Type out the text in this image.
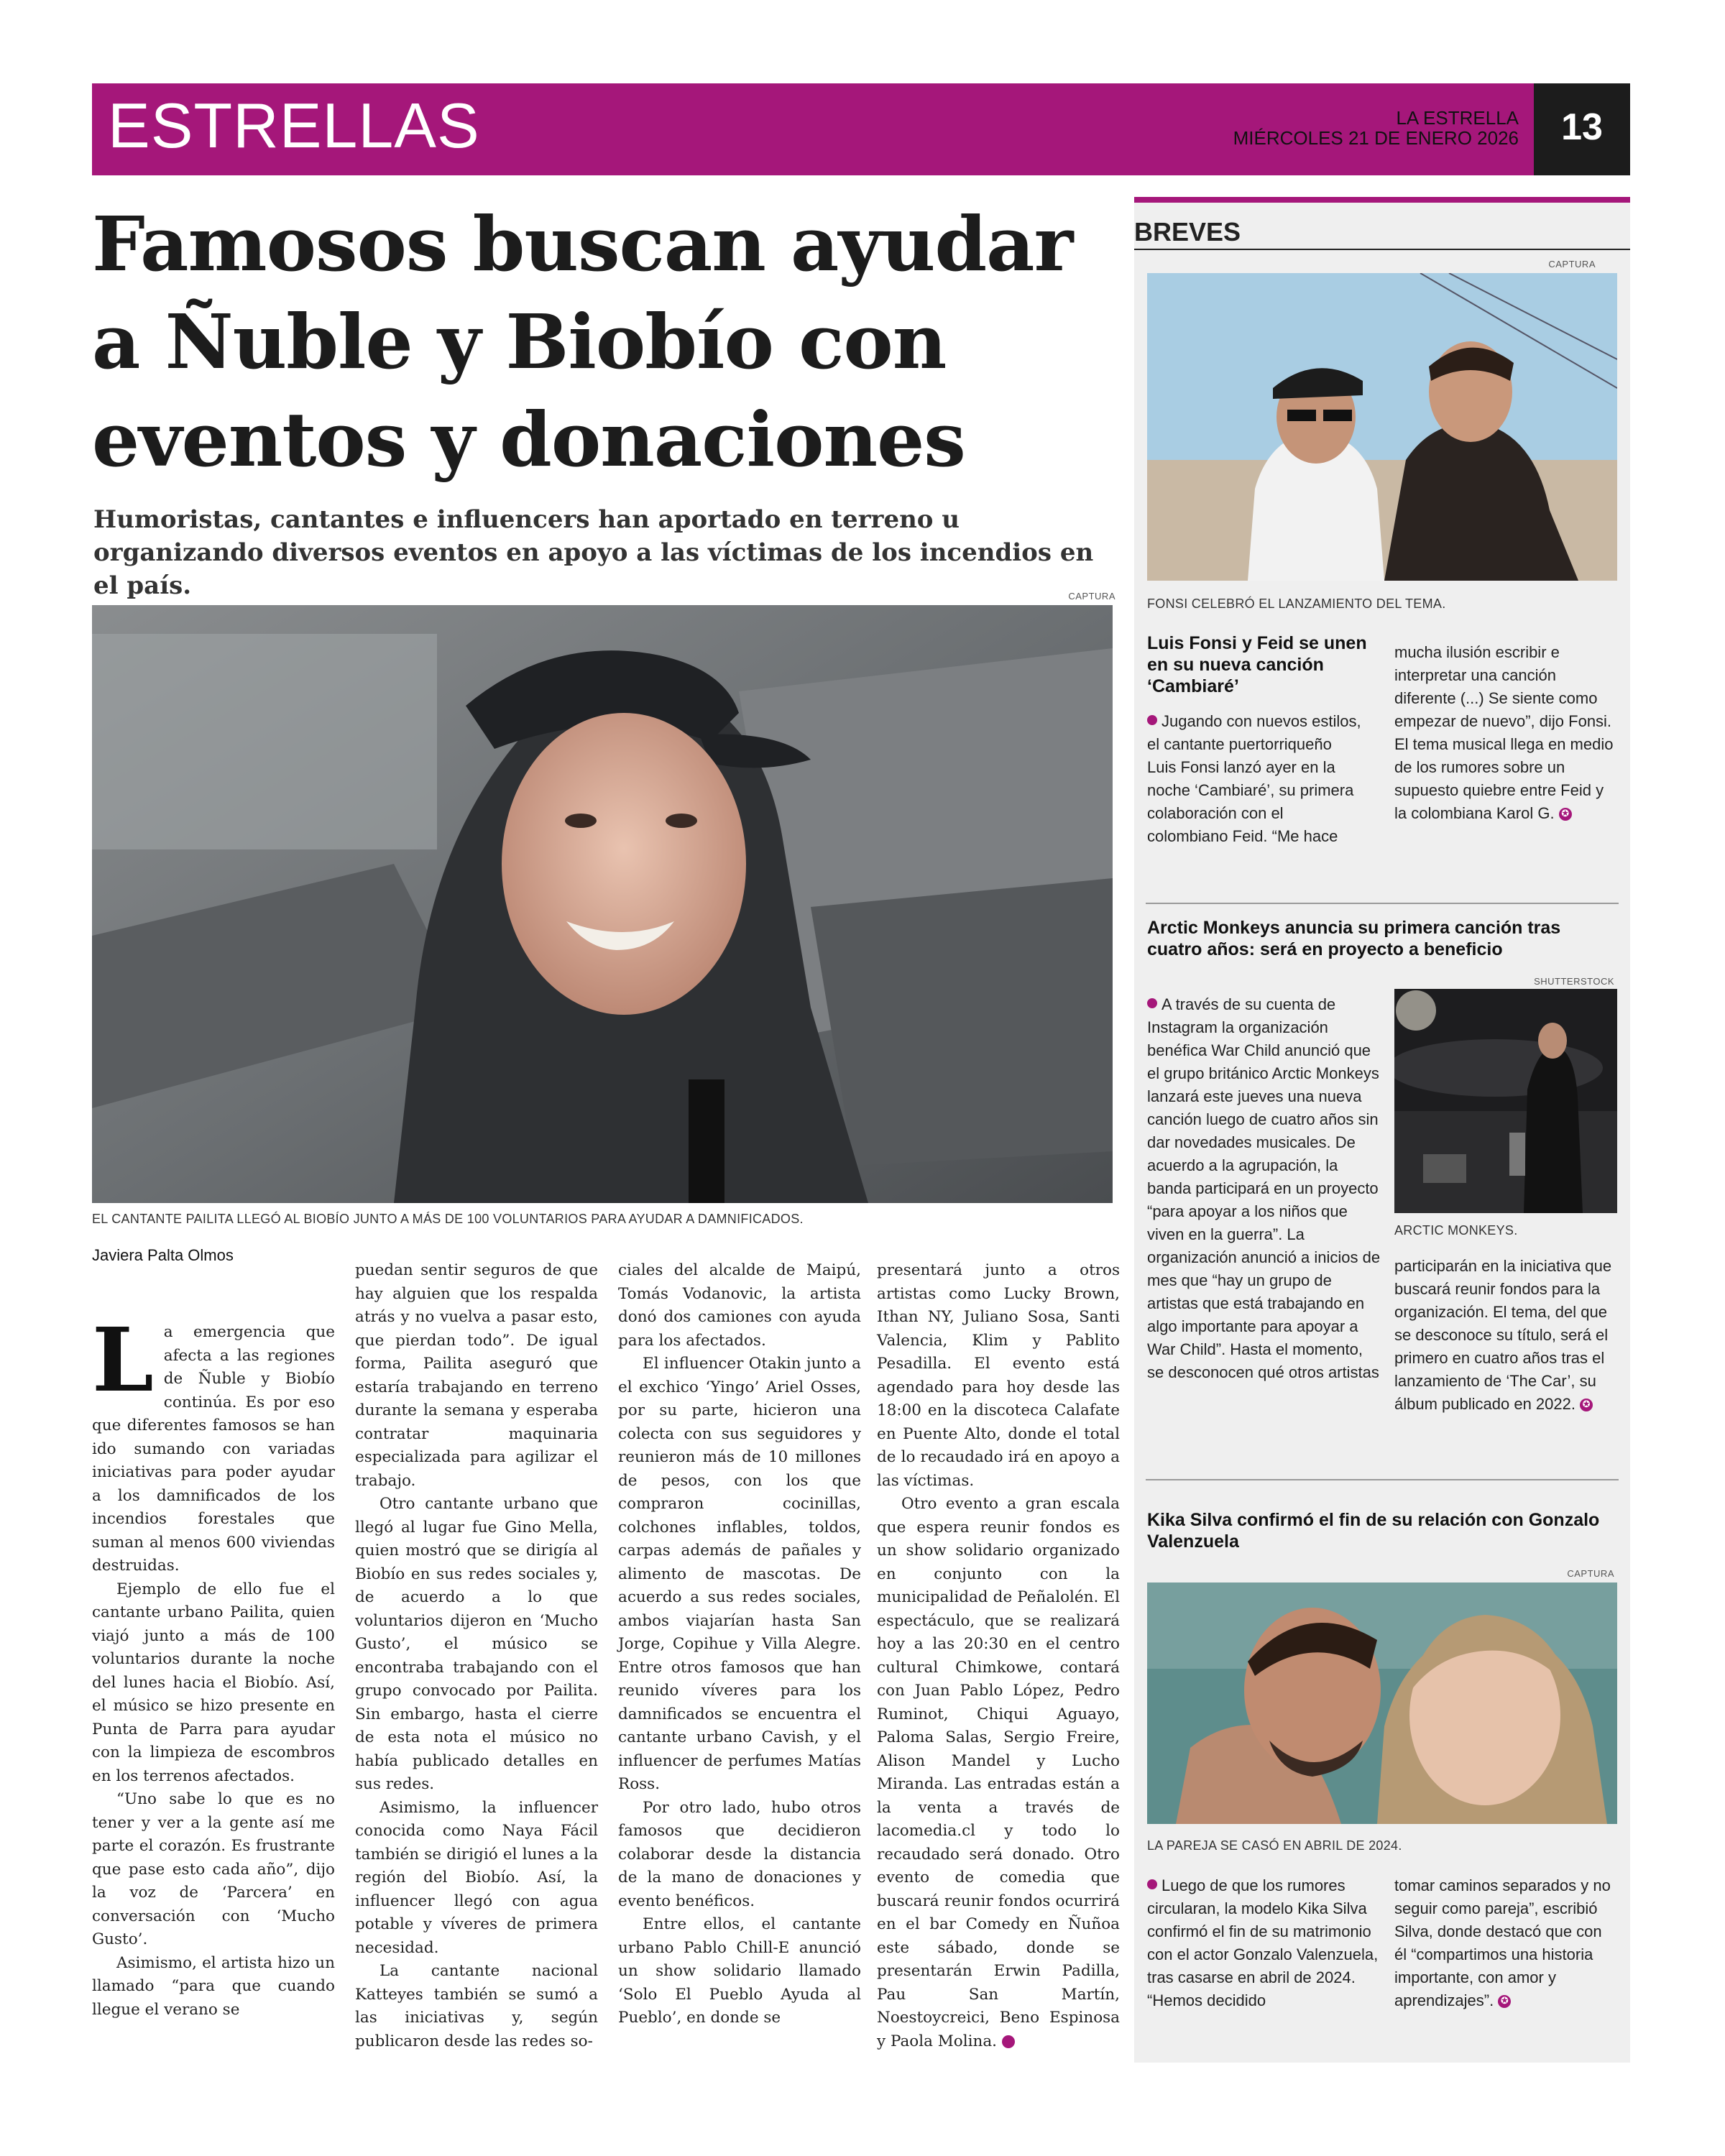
ESTRELLAS	LA ESTRELLA
MIÉRCOLES 21 DE ENERO 2026	13
Famosos buscan ayudar a Ñuble y Biobío con eventos y donaciones

Humoristas, cantantes e influencers han aportado en terreno u organizando diversos eventos en apoyo a las víctimas de los incendios en el país.	CAPTURA
EL CANTANTE PAILITA LLEGÓ AL BIOBÍO JUNTO A MÁS DE 100 VOLUNTARIOS PARA AYUDAR A DAMNIFICADOS.
Javiera Palta Olmos

La emergencia que afecta a las regiones de Ñuble y Biobío continúa. Es por eso que diferentes famosos se han ido sumando con variadas iniciativas para poder ayudar a los damnificados de los incendios forestales que suman al menos 600 viviendas destruidas.

Ejemplo de ello fue el cantante urbano Pailita, quien viajó junto a más de 100 voluntarios durante la noche del lunes hacia el Biobío. Así, el músico se hizo presente en Punta de Parra para ayudar con la limpieza de escombros en los terrenos afectados.

“Uno sabe lo que es no tener y ver a la gente así me parte el corazón. Es frustrante que pase esto cada año”, dijo la voz de ‘Parcera’ en conversación con ‘Mucho Gusto’.

Asimismo, el artista hizo un llamado “para que cuando llegue el verano se

puedan sentir seguros de que hay alguien que los respalda atrás y no vuelva a pasar esto, que pierdan todo”. De igual forma, Pailita aseguró que estaría trabajando en terreno durante la semana y esperaba contratar maquinaria especializada para agilizar el trabajo.

Otro cantante urbano que llegó al lugar fue Gino Mella, quien mostró que se dirigía al Biobío en sus redes sociales y, de acuerdo a lo que voluntarios dijeron en ‘Mucho Gusto’, el músico se encontraba trabajando con el grupo convocado por Pailita. Sin embargo, hasta el cierre de esta nota el músico no había publicado detalles en sus redes.

Asimismo, la influencer conocida como Naya Fácil también se dirigió el lunes a la región del Biobío. Así, la influencer llegó con agua potable y víveres de primera necesidad.

La cantante nacional Katteyes también se sumó a las iniciativas y, según publicaron desde las redes so-

ciales del alcalde de Maipú, Tomás Vodanovic, la artista donó dos camiones con ayuda para los afectados.

El influencer Otakin junto a el exchico ‘Yingo’ Ariel Osses, por su parte, hicieron una colecta con sus seguidores y reunieron más de 10 millones de pesos, con los que compraron cocinillas, colchones inflables, toldos, carpas además de pañales y alimento de mascotas. De acuerdo a sus redes sociales, ambos viajarían hasta San Jorge, Copihue y Villa Alegre. Entre otros famosos que han reunido víveres para los damnificados se encuentra el cantante urbano Cavish, y el influencer de perfumes Matías Ross.

Por otro lado, hubo otros famosos que decidieron colaborar desde la distancia de la mano de donaciones y evento benéficos.

Entre ellos, el cantante urbano Pablo Chill-E anunció un show solidario llamado ‘Solo El Pueblo Ayuda al Pueblo’, en donde se

presentará junto a otros artistas como Lucky Brown, Ithan NY, Juliano Sosa, Santi Valencia, Klim y Pablito Pesadilla. El evento está agendado para hoy desde las 18:00 en la discoteca Calafate en Puente Alto, donde el total de lo recaudado irá en apoyo a las víctimas.

Otro evento a gran escala que espera reunir fondos es un show solidario organizado en conjunto con la municipalidad de Peñalolén. El espectáculo, que se realizará hoy a las 20:30 en el centro cultural Chimkowe, contará con Juan Pablo López, Pedro Ruminot, Chiqui Aguayo, Paloma Salas, Sergio Freire, Alison Mandel y Lucho Miranda. Las entradas están a la venta a través de lacomedia.cl y todo lo recaudado será donado. Otro evento de comedia que buscará reunir fondos ocurrirá en el bar Comedy en Ñuñoa este sábado, donde se presentarán Erwin Padilla, Pau San Martín, Noestoycreici, Beno Espinosa y Paola Molina.	✪

BREVES
CAPTURA
FONSI CELEBRÓ EL LANZAMIENTO DEL TEMA.
Luis Fonsi y Feid se unen en su nueva canción ‘Cambiaré’
Jugando con nuevos estilos, el cantante puertorriqueño Luis Fonsi lanzó ayer en la noche ‘Cambiaré’, su primera colaboración con el colombiano Feid. “Me hace
mucha ilusión escribir e interpretar una canción diferente (...) Se siente como empezar de nuevo”, dijo Fonsi. El tema musical llega en medio de los rumores sobre un supuesto quiebre entre Feid y la colombiana Karol G. ✪
Arctic Monkeys anuncia su primera canción tras cuatro años: será en proyecto a beneficio
SHUTTERSTOCK
ARCTIC MONKEYS.
A través de su cuenta de Instagram la organización benéfica War Child anunció que el grupo británico Arctic Monkeys lanzará este jueves una nueva canción luego de cuatro años sin dar novedades musicales. De acuerdo a la agrupación, la banda participará en un proyecto “para apoyar a los niños que viven en la guerra”. La organización anunció a inicios de mes que “hay un grupo de artistas que está trabajando en algo importante para apoyar a War Child”. Hasta el momento, se desconocen qué otros artistas
participarán en la iniciativa que buscará reunir fondos para la organización. El tema, del que se desconoce su título, será el primero en cuatro años tras el lanzamiento de ‘The Car’, su álbum publicado en 2022. ✪
Kika Silva confirmó el fin de su relación con Gonzalo Valenzuela
CAPTURA
LA PAREJA SE CASÓ EN ABRIL DE 2024.
Luego de que los rumores circularan, la modelo Kika Silva confirmó el fin de su matrimonio con el actor Gonzalo Valenzuela, tras casarse en abril de 2024. “Hemos decidido
tomar caminos separados y no seguir como pareja”, escribió Silva, donde destacó que con él “compartimos una historia importante, con amor y aprendizajes”. ✪
